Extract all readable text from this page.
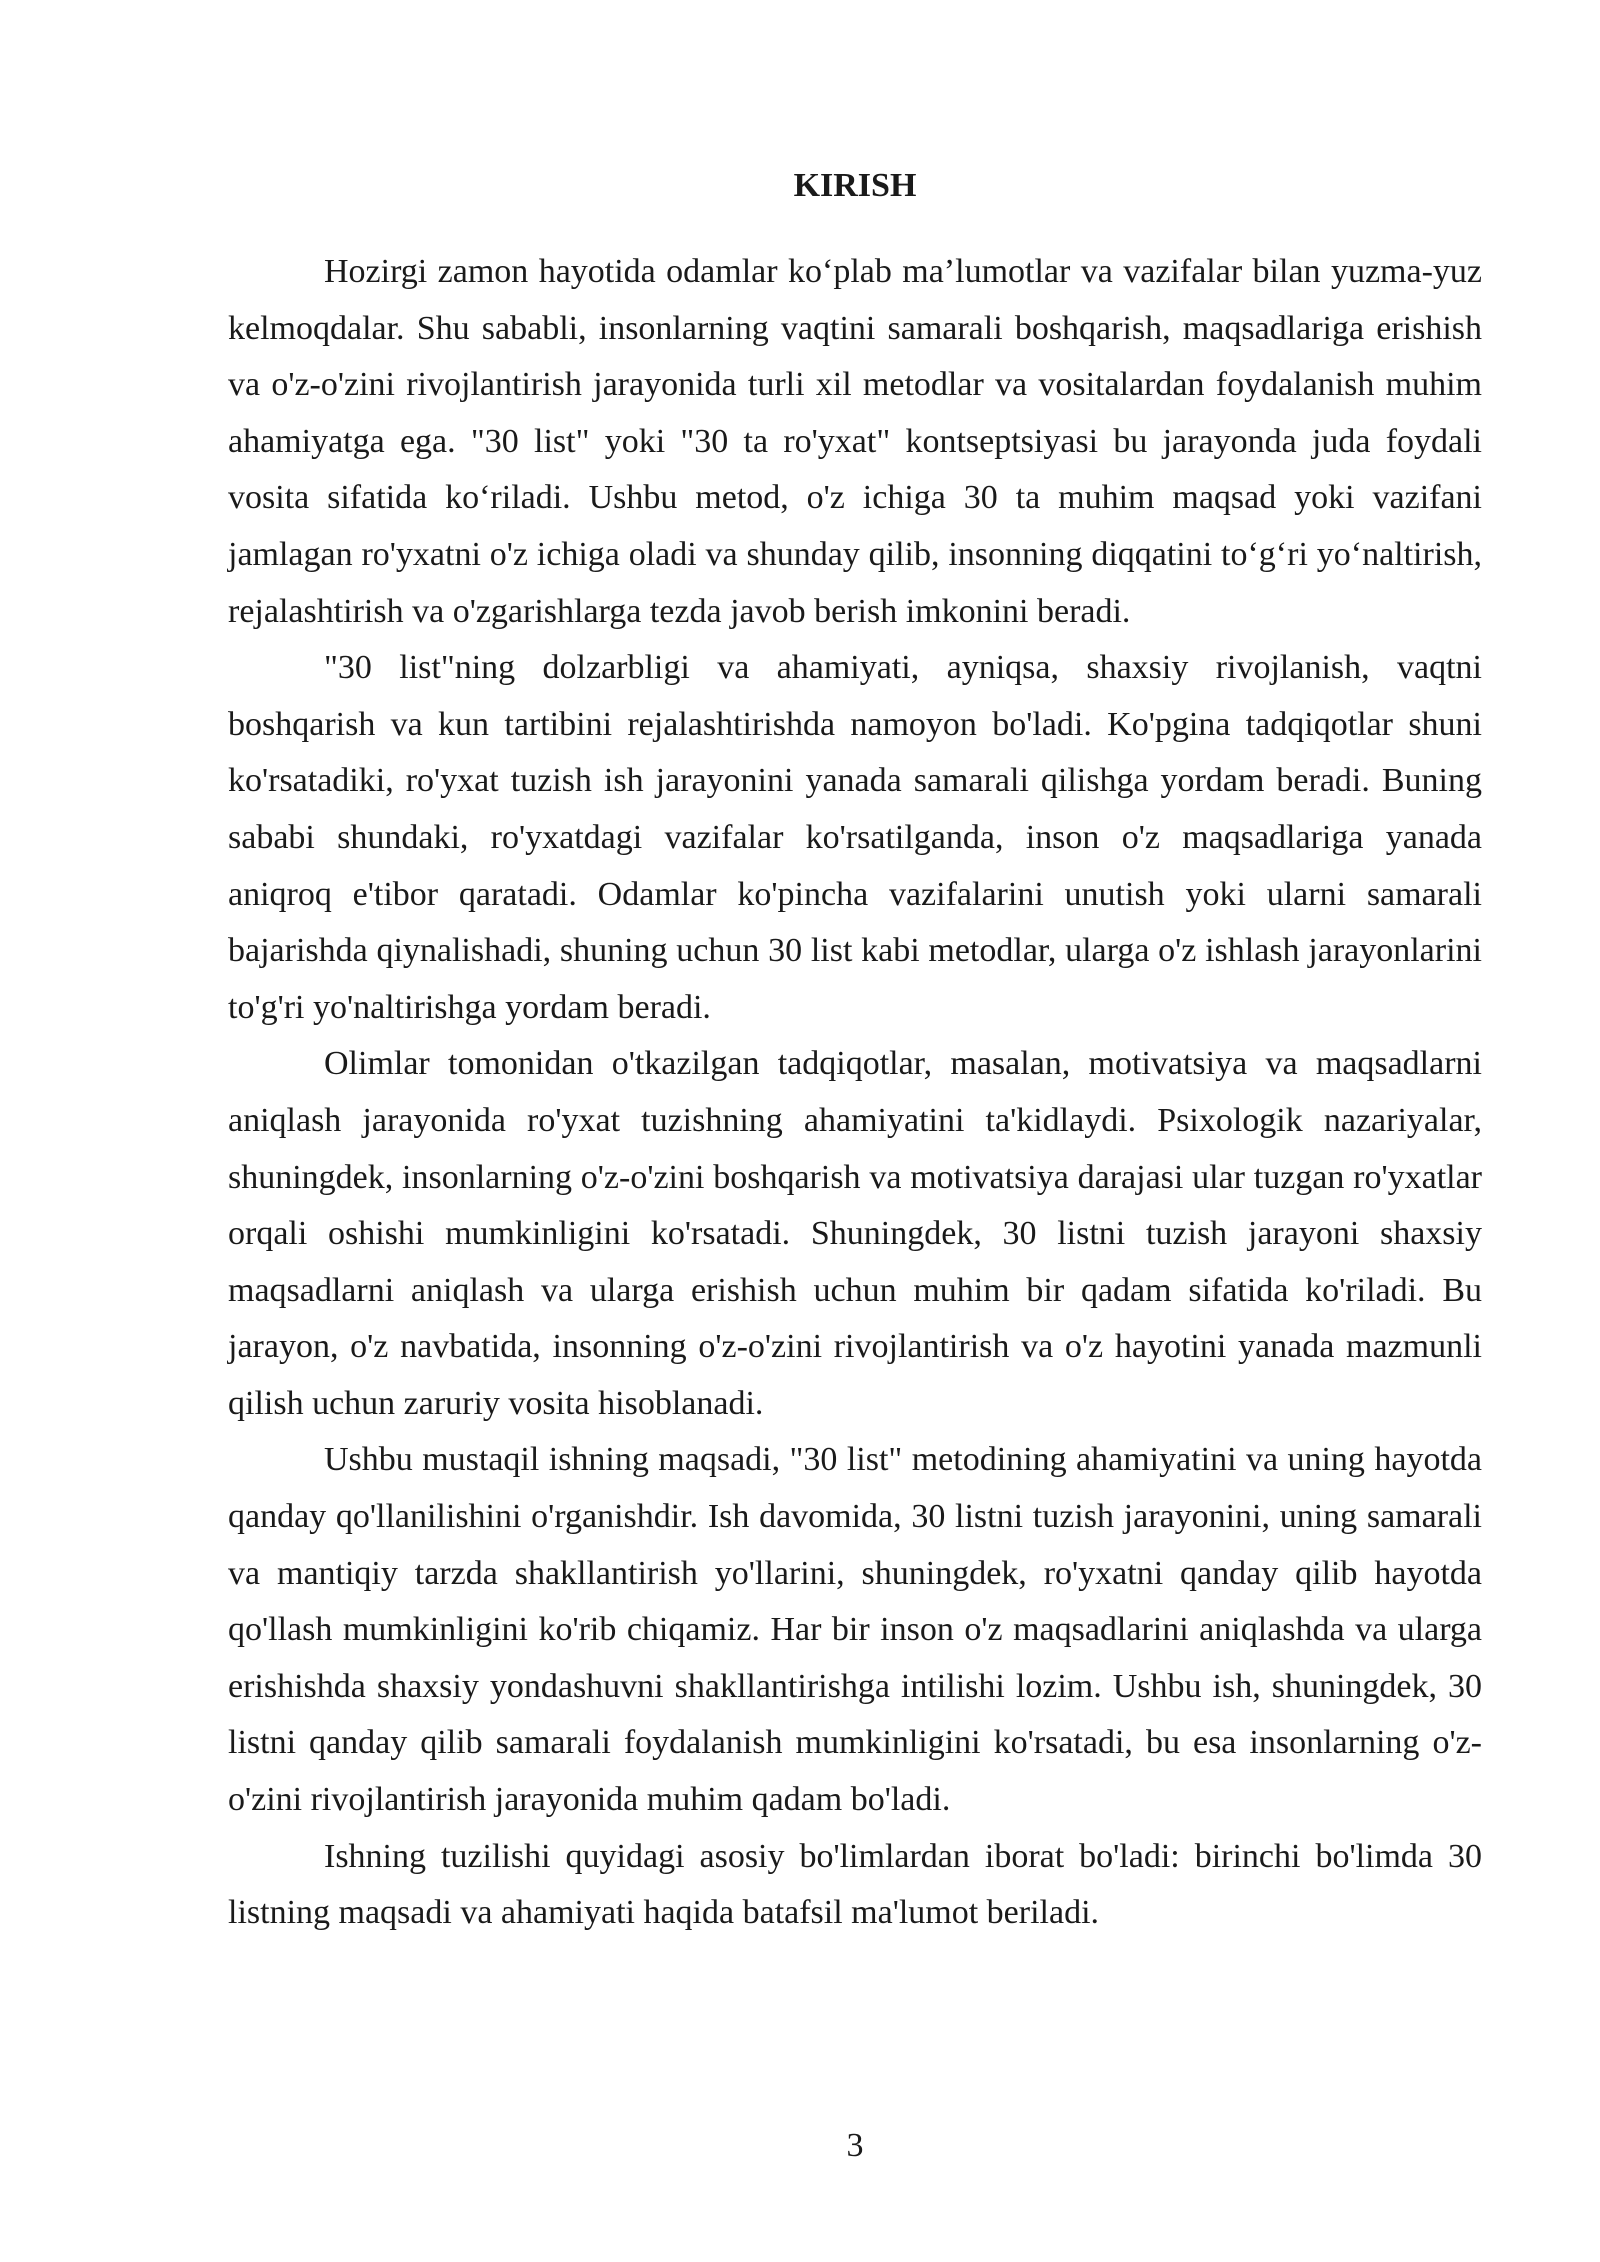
KIRISH

Hozirgi zamon hayotida odamlar ko‘plab ma’lumotlar va vazifalar bilan yuzma-yuz kelmoqdalar. Shu sababli, insonlarning vaqtini samarali boshqarish, maqsadlariga erishish va o'z-o'zini rivojlantirish jarayonida turli xil metodlar va vositalardan foydalanish muhim ahamiyatga ega. "30 list" yoki "30 ta ro'yxat" kontseptsiyasi bu jarayonda juda foydali vosita sifatida ko‘riladi. Ushbu metod, o'z ichiga 30 ta muhim maqsad yoki vazifani jamlagan ro'yxatni o'z ichiga oladi va shunday qilib, insonning diqqatini to‘g‘ri yo‘naltirish, rejalashtirish va o'zgarishlarga tezda javob berish imkonini beradi.

"30 list"ning dolzarbligi va ahamiyati, ayniqsa, shaxsiy rivojlanish, vaqtni boshqarish va kun tartibini rejalashtirishda namoyon bo'ladi. Ko'pgina tadqiqotlar shuni ko'rsatadiki, ro'yxat tuzish ish jarayonini yanada samarali qilishga yordam beradi. Buning sababi shundaki, ro'yxatdagi vazifalar ko'rsatilganda, inson o'z maqsadlariga yanada aniqroq e'tibor qaratadi. Odamlar ko'pincha vazifalarini unutish yoki ularni samarali bajarishda qiynalishadi, shuning uchun 30 list kabi metodlar, ularga o'z ishlash jarayonlarini to'g'ri yo'naltirishga yordam beradi.

Olimlar tomonidan o'tkazilgan tadqiqotlar, masalan, motivatsiya va maqsadlarni aniqlash jarayonida ro'yxat tuzishning ahamiyatini ta'kidlaydi. Psixologik nazariyalar, shuningdek, insonlarning o'z-o'zini boshqarish va motivatsiya darajasi ular tuzgan ro'yxatlar orqali oshishi mumkinligini ko'rsatadi. Shuningdek, 30 listni tuzish jarayoni shaxsiy maqsadlarni aniqlash va ularga erishish uchun muhim bir qadam sifatida ko'riladi. Bu jarayon, o'z navbatida, insonning o'z-o'zini rivojlantirish va o'z hayotini yanada mazmunli qilish uchun zaruriy vosita hisoblanadi.

Ushbu mustaqil ishning maqsadi, "30 list" metodining ahamiyatini va uning hayotda qanday qo'llanilishini o'rganishdir. Ish davomida, 30 listni tuzish jarayonini, uning samarali va mantiqiy tarzda shakllantirish yo'llarini, shuningdek, ro'yxatni qanday qilib hayotda qo'llash mumkinligini ko'rib chiqamiz. Har bir inson o'z maqsadlarini aniqlashda va ularga erishishda shaxsiy yondashuvni shakllantirishga intilishi lozim. Ushbu ish, shuningdek, 30 listni qanday qilib samarali foydalanish mumkinligini ko'rsatadi, bu esa insonlarning o'z-o'zini rivojlantirish jarayonida muhim qadam bo'ladi.

Ishning tuzilishi quyidagi asosiy bo'limlardan iborat bo'ladi: birinchi bo'limda 30 listning maqsadi va ahamiyati haqida batafsil ma'lumot beriladi.

3
